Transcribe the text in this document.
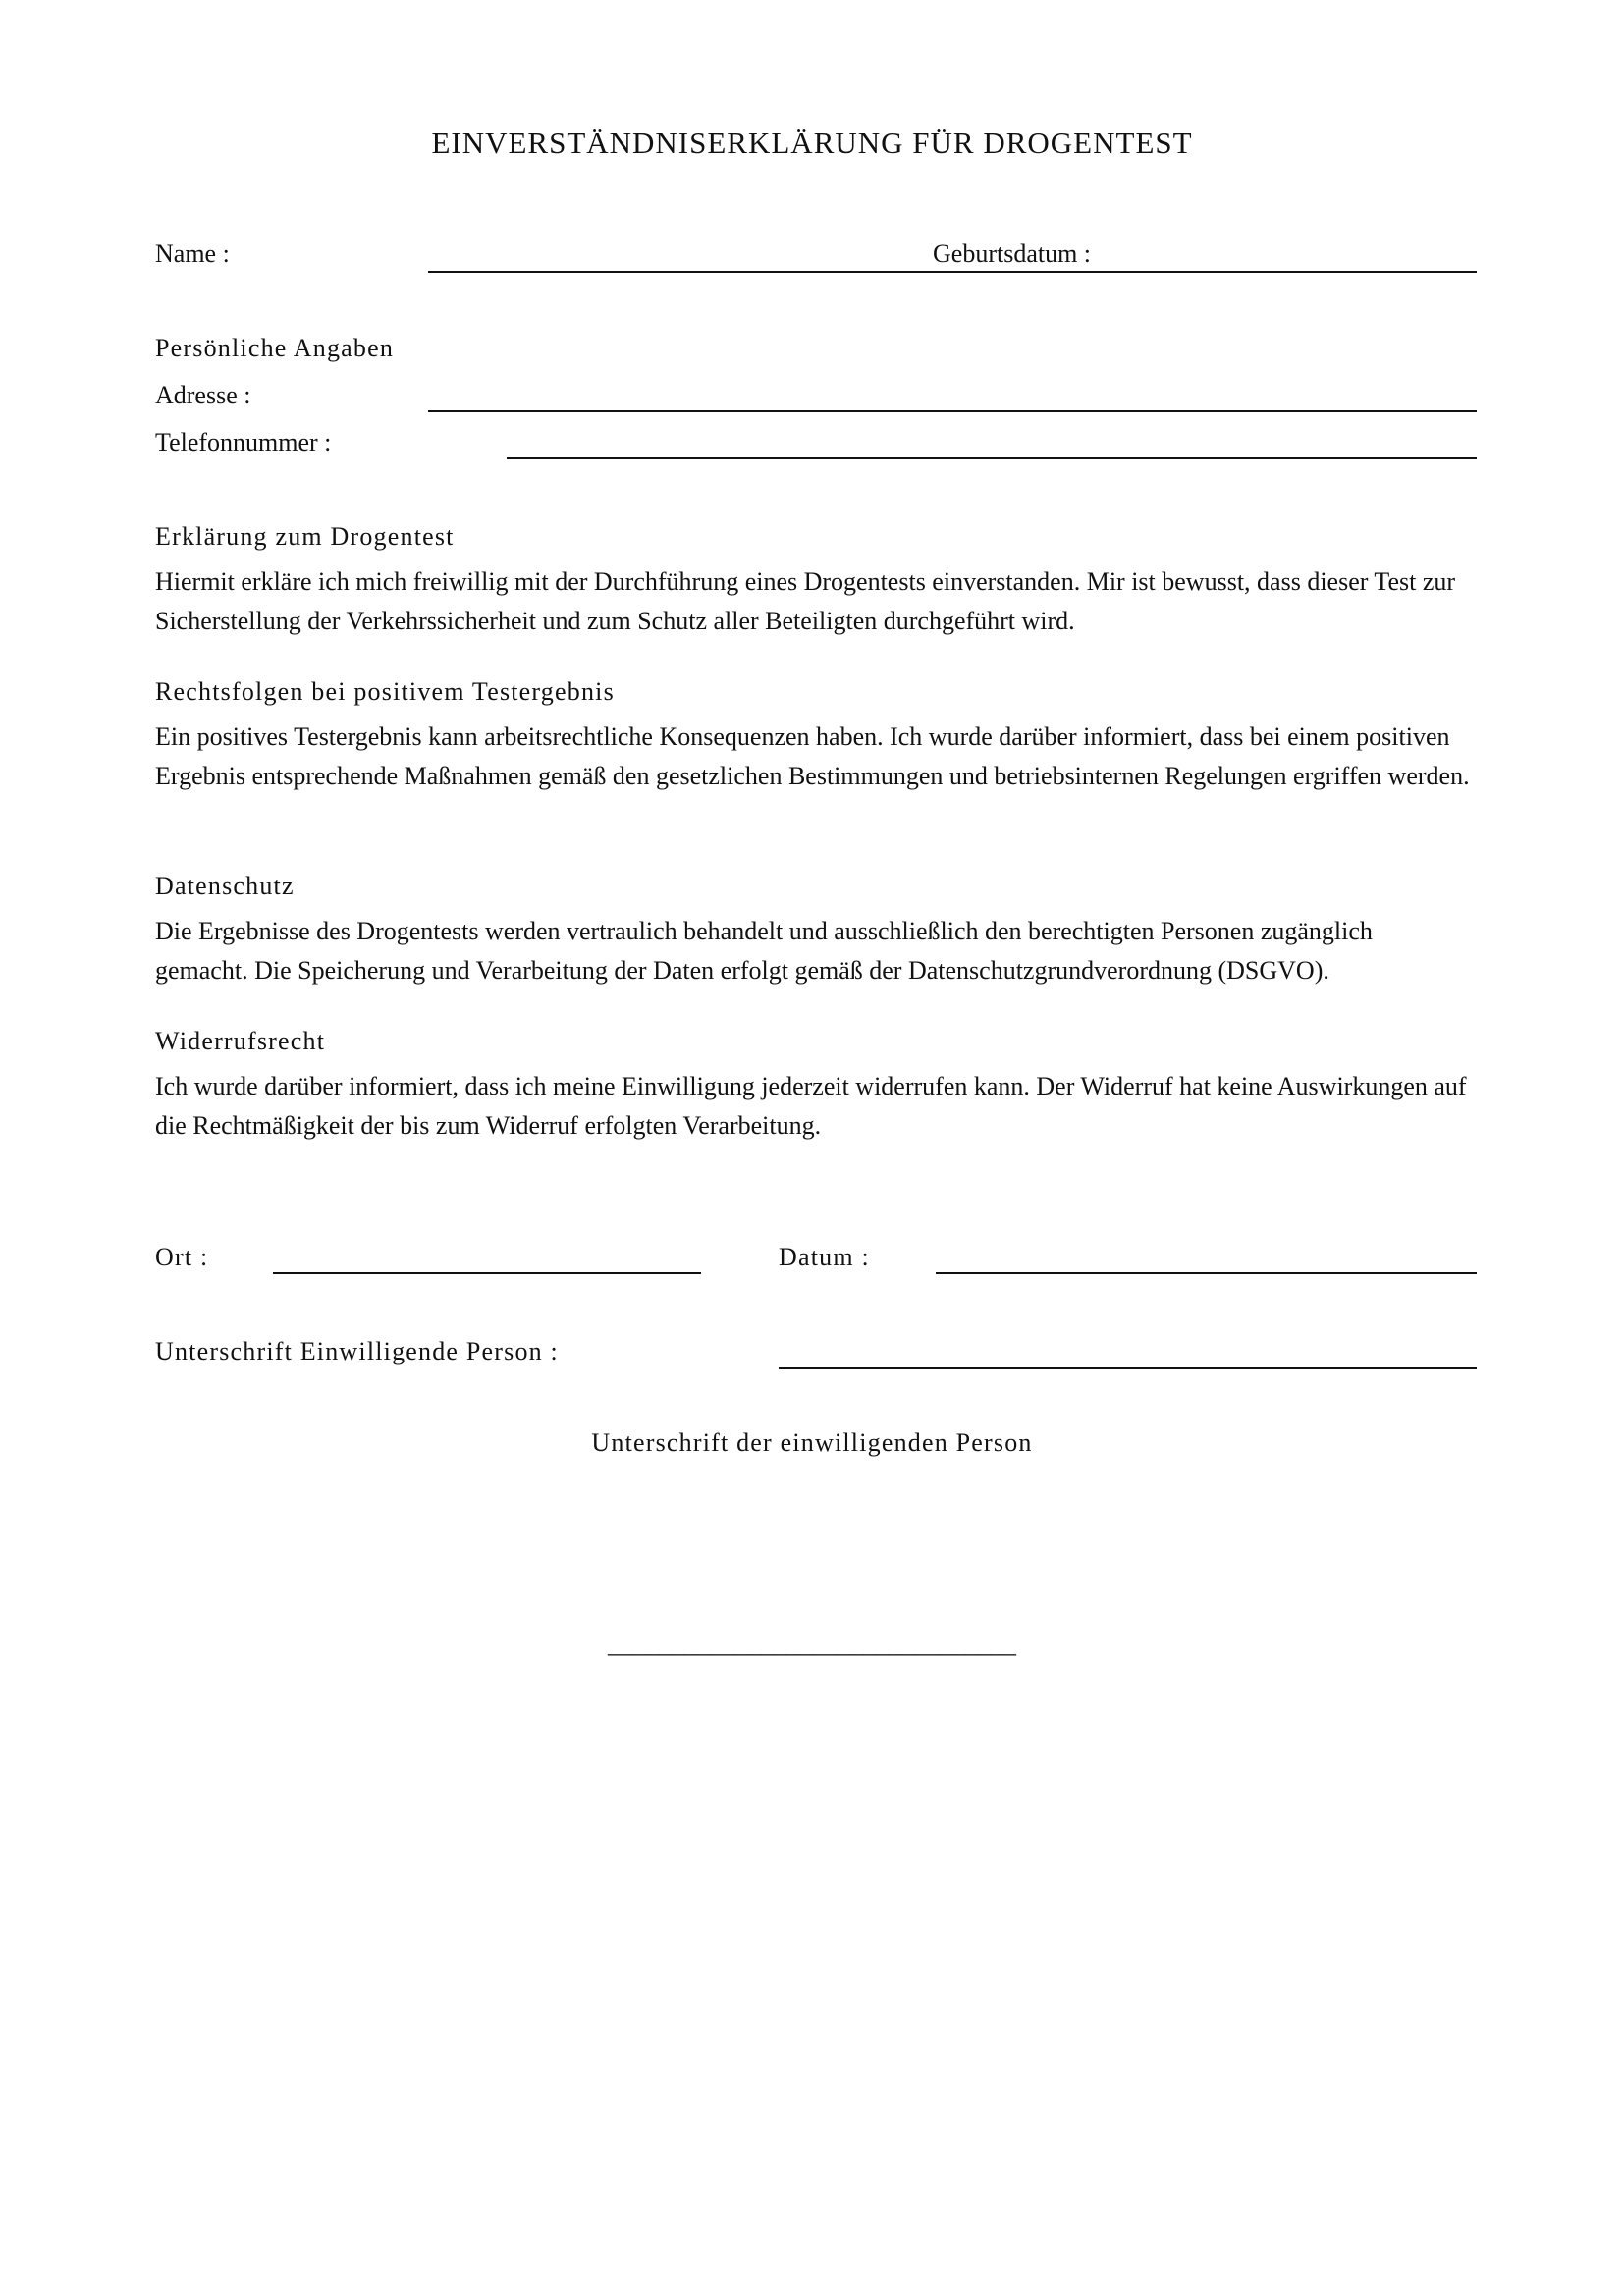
EINVERSTÄNDNISERKLÄRUNG FÜR DROGENTEST
Name :	Geburtsdatum :
Persönliche Angaben
Adresse :
Telefonnummer :
Erklärung zum Drogentest
Hiermit erkläre ich mich freiwillig mit der Durchführung eines Drogentests einverstanden. Mir ist bewusst, dass dieser Test zur Sicherstellung der Verkehrssicherheit und zum Schutz aller Beteiligten durchgeführt wird.
Rechtsfolgen bei positivem Testergebnis
Ein positives Testergebnis kann arbeitsrechtliche Konsequenzen haben. Ich wurde darüber informiert, dass bei einem positiven Ergebnis entsprechende Maßnahmen gemäß den gesetzlichen Bestimmungen und betriebsinternen Regelungen ergriffen werden.
Datenschutz
Die Ergebnisse des Drogentests werden vertraulich behandelt und ausschließlich den berechtigten Personen zugänglich gemacht. Die Speicherung und Verarbeitung der Daten erfolgt gemäß der Datenschutzgrundverordnung (DSGVO).
Widerrufsrecht
Ich wurde darüber informiert, dass ich meine Einwilligung jederzeit widerrufen kann. Der Widerruf hat keine Auswirkungen auf die Rechtmäßigkeit der bis zum Widerruf erfolgten Verarbeitung.
Ort :	Datum :
Unterschrift Einwilligende Person :
Unterschrift der einwilligenden Person
________________________________
